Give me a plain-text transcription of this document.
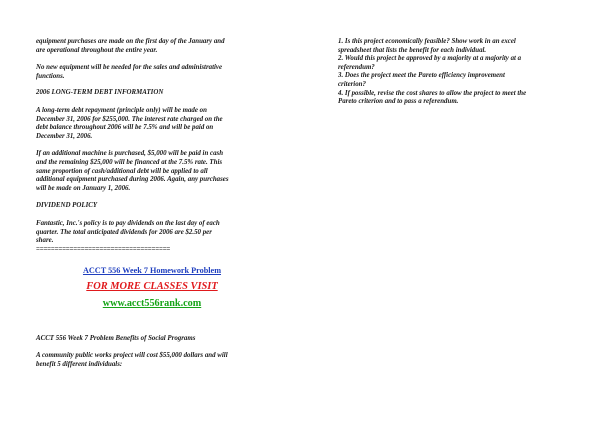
equipment purchases are made on the first day of the January and
are operational throughout the entire year.

No new equipment will be needed for the sales and administrative
functions.

2006 LONG-TERM DEBT INFORMATION

A long-term debt repayment (principle only) will be made on
December 31, 2006 for $255,000. The interest rate charged on the
debt balance throughout 2006 will be 7.5% and will be paid on
December 31, 2006.

If an additional machine is purchased, $5,000 will be paid in cash
and the remaining $25,000 will be financed at the 7.5% rate. This
same proportion of cash/additional debt will be applied to all
additional equipment purchased during 2006. Again, any purchases
will be made on January 1, 2006.

DIVIDEND POLICY

Fantastic, Inc.'s policy is to pay dividends on the last day of each
quarter. The total anticipated dividends for 2006 are $2.50 per
share.

====================================
ACCT 556 Week 7 Homework Problem
FOR MORE CLASSES VISIT
www.acct556rank.com

ACCT 556 Week 7 Problem Benefits of Social Programs

A community public works project will cost $55,000 dollars and will
benefit 5 different individuals:

1. Is this project economically feasible? Show work in an excel
spreadsheet that lists the benefit for each individual.
2. Would this project be approved by a majority at a majority at a
referendum?
3. Does the project meet the Pareto efficiency improvement
criterion?
4. If possible, revise the cost shares to allow the project to meet the
Pareto criterion and to pass a referendum.
